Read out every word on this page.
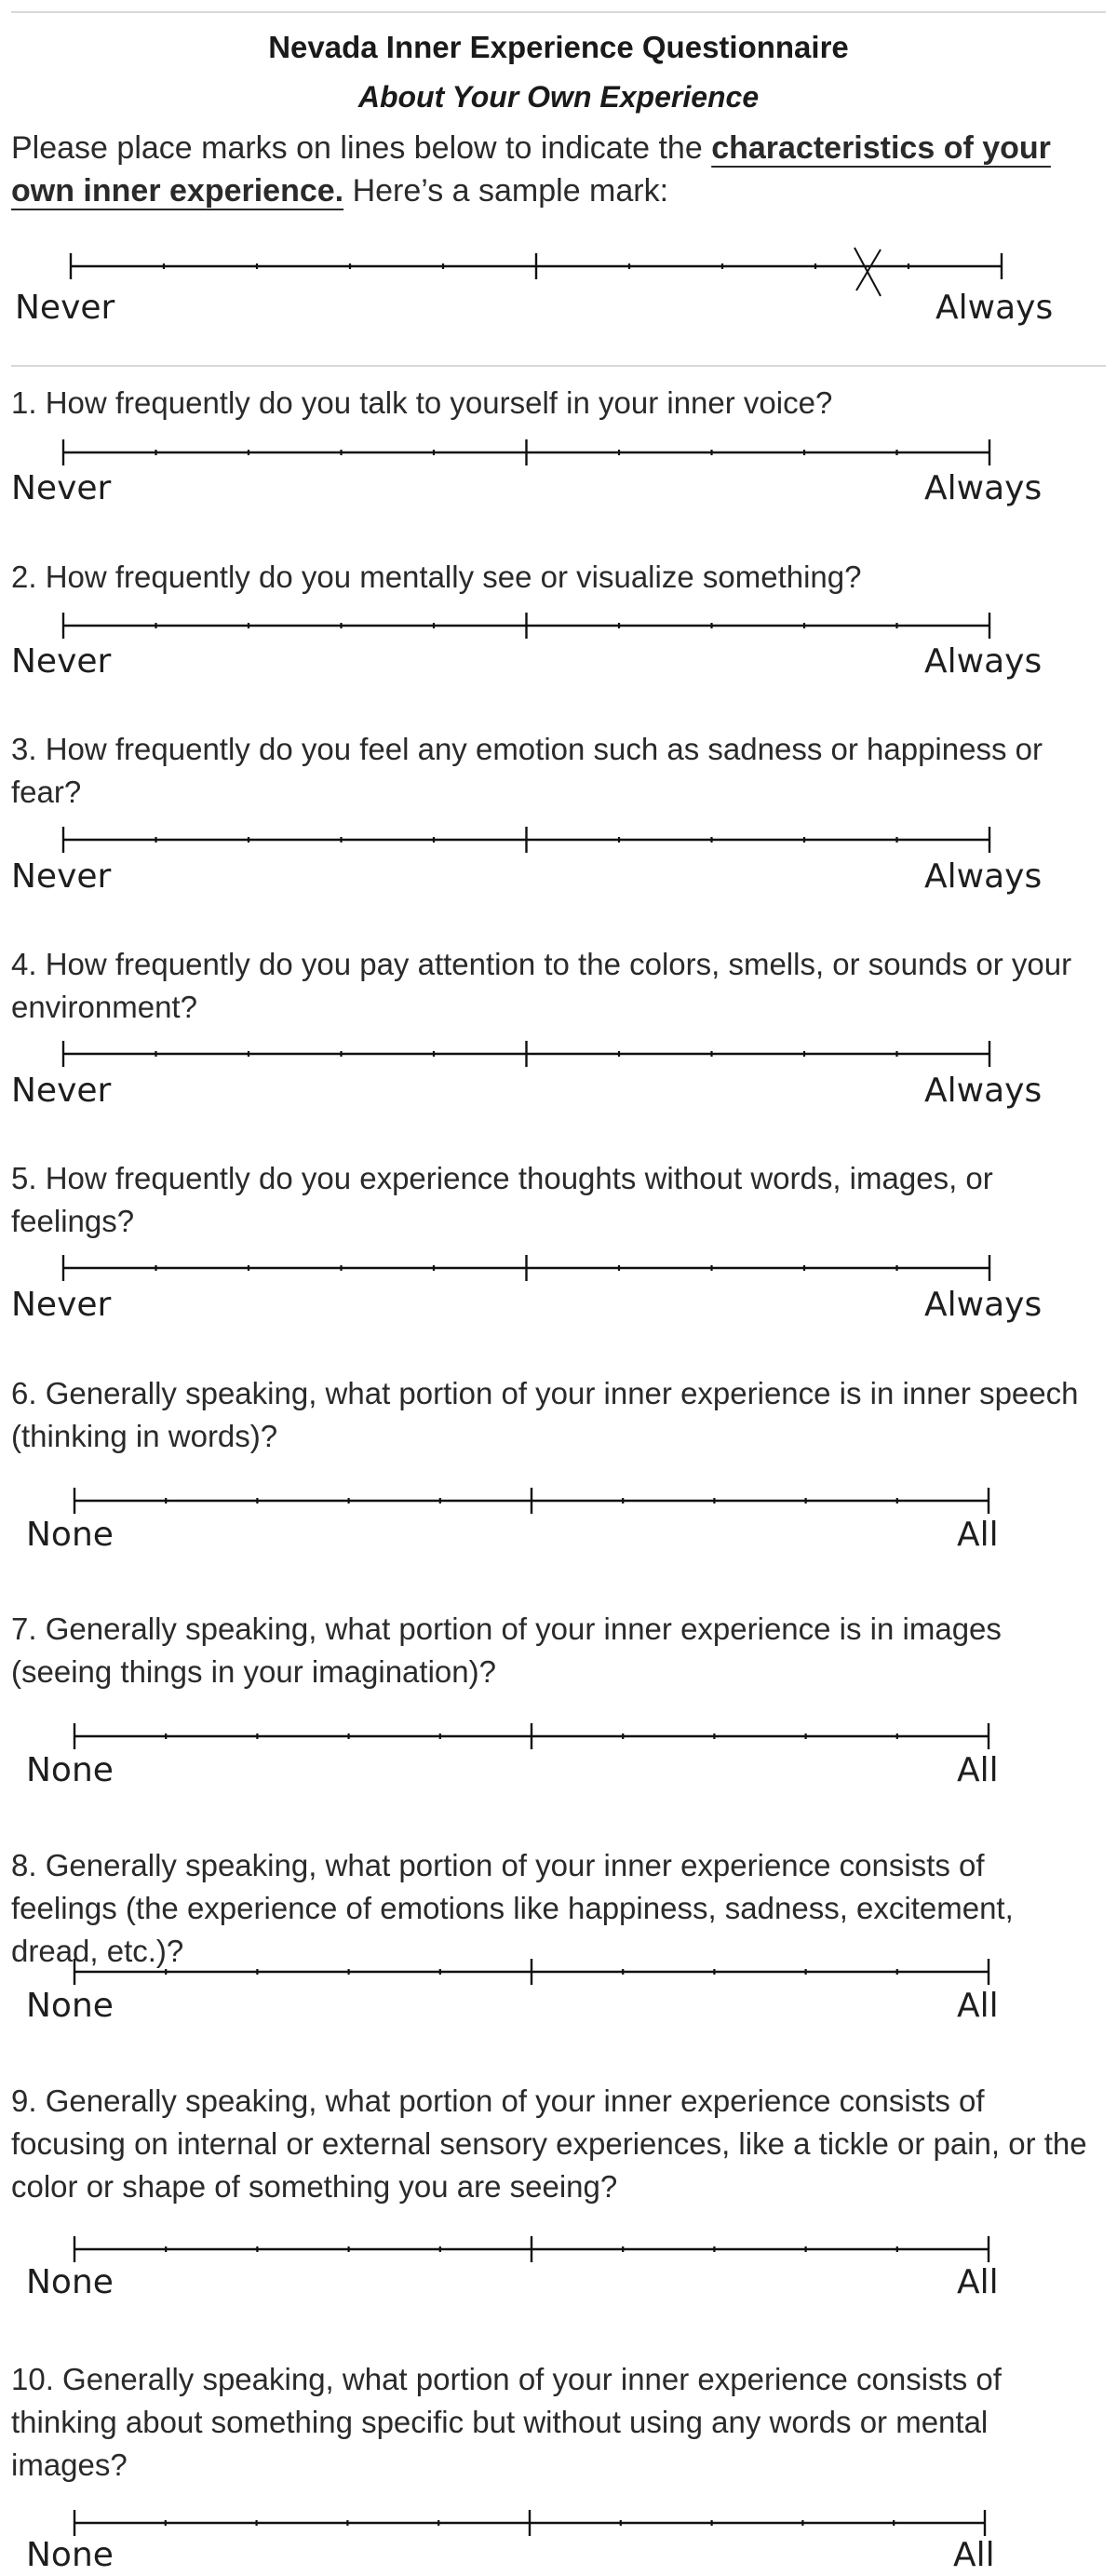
Nevada Inner Experience Questionnaire
About Your Own Experience
Please place marks on lines below to indicate the characteristics of your own inner experience. Here’s a sample mark:
Never	Always
1. How frequently do you talk to yourself in your inner voice?
Never	Always
2. How frequently do you mentally see or visualize something?
Never	Always
3. How frequently do you feel any emotion such as sadness or happiness or fear?
Never	Always
4. How frequently do you pay attention to the colors, smells, or sounds or your environment?
Never	Always
5. How frequently do you experience thoughts without words, images, or feelings?
Never	Always
6. Generally speaking, what portion of your inner experience is in inner speech (thinking in words)?
None	All
7. Generally speaking, what portion of your inner experience is in images (seeing things in your imagination)?
None	All
8. Generally speaking, what portion of your inner experience consists of feelings (the experience of emotions like happiness, sadness, excitement, dread, etc.)?
None	All
9. Generally speaking, what portion of your inner experience consists of focusing on internal or external sensory experiences, like a tickle or pain, or the color or shape of something you are seeing?
None	All
10. Generally speaking, what portion of your inner experience consists of thinking about something specific but without using any words or mental images?
None	All
